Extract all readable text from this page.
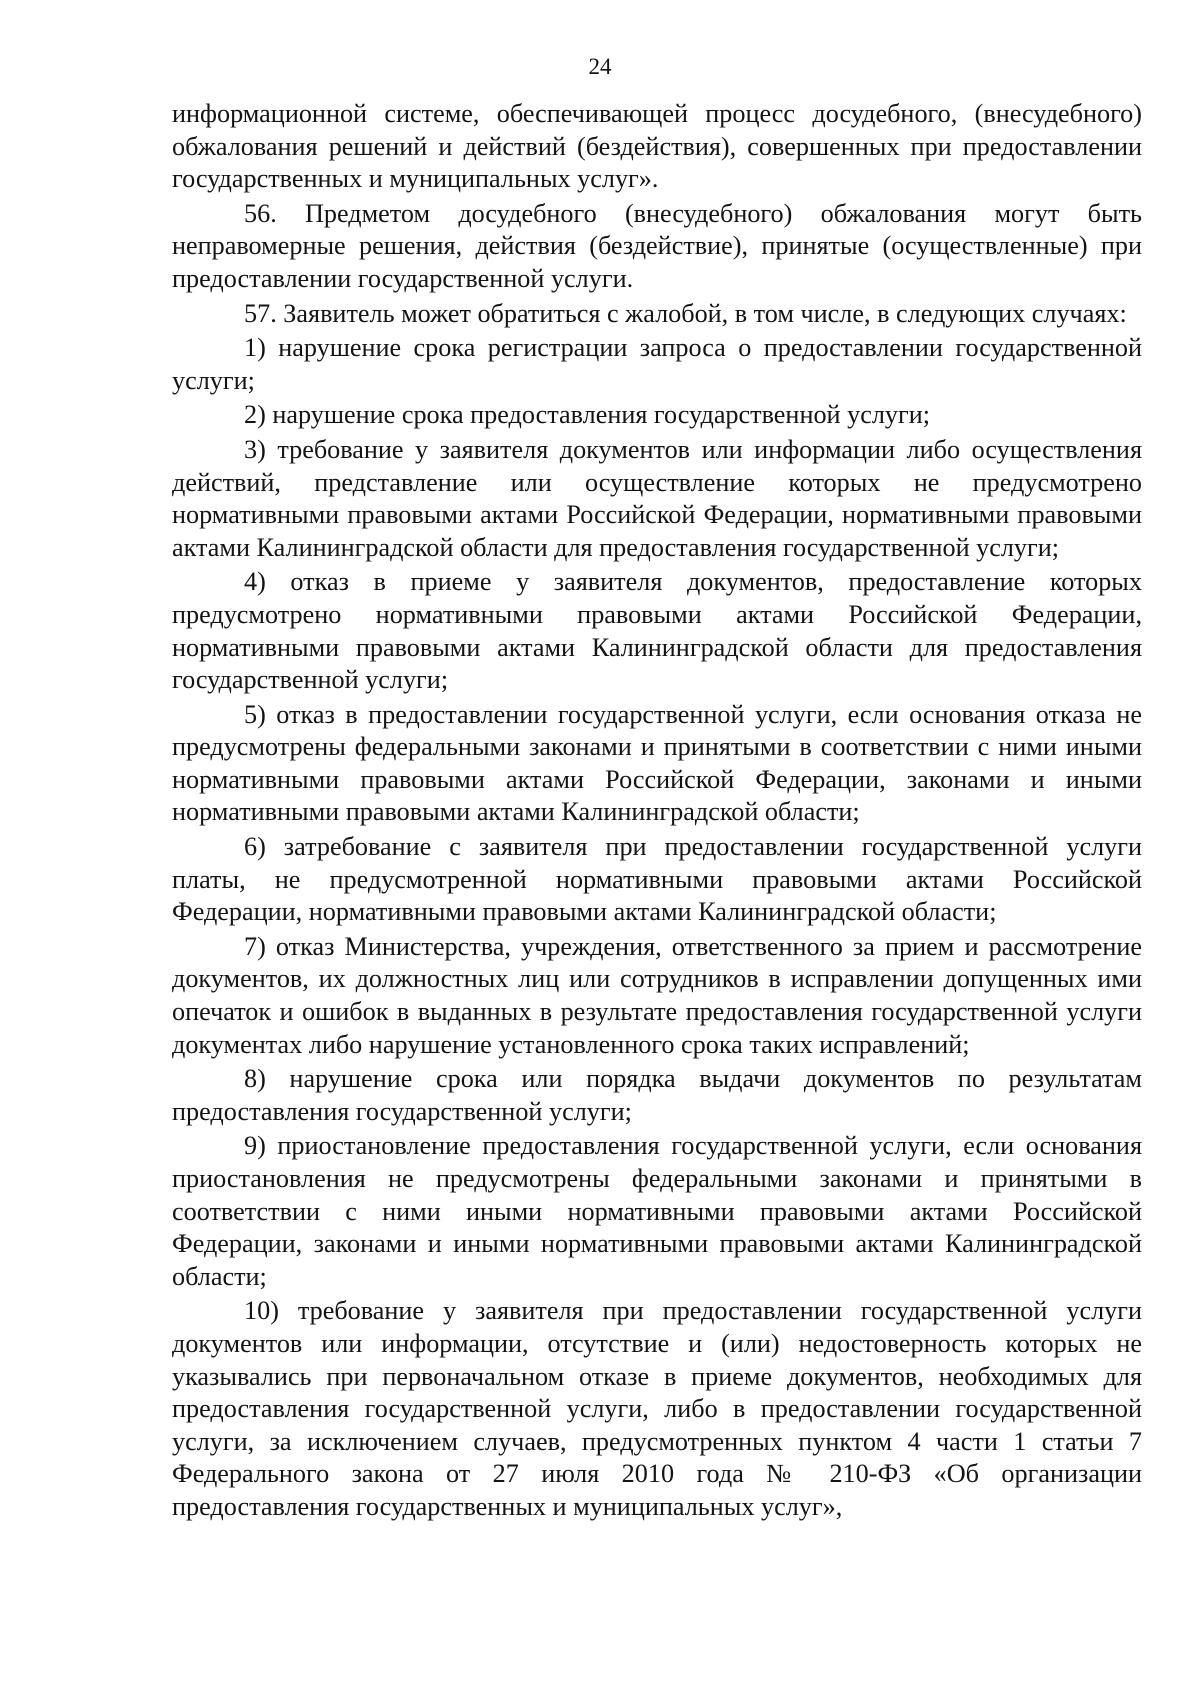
24

информационной системе, обеспечивающей процесс досудебного, (внесудебного) обжалования решений и действий (бездействия), совершенных при предоставлении государственных и муниципальных услуг».

56. Предметом досудебного (внесудебного) обжалования могут быть неправомерные решения, действия (бездействие), принятые (осуществленные) при предоставлении государственной услуги.

57. Заявитель может обратиться с жалобой, в том числе, в следующих случаях:

1) нарушение срока регистрации запроса о предоставлении государственной услуги;

2) нарушение срока предоставления государственной услуги;

3) требование у заявителя документов или информации либо осуществления действий, представление или осуществление которых не предусмотрено нормативными правовыми актами Российской Федерации, нормативными правовыми актами Калининградской области для предоставления государственной услуги;

4) отказ в приеме у заявителя документов, предоставление которых предусмотрено нормативными правовыми актами Российской Федерации, нормативными правовыми актами Калининградской области для предоставления государственной услуги;

5) отказ в предоставлении государственной услуги, если основания отказа не предусмотрены федеральными законами и принятыми в соответствии с ними иными нормативными правовыми актами Российской Федерации, законами и иными нормативными правовыми актами Калининградской области;

6) затребование с заявителя при предоставлении государственной услуги платы, не предусмотренной нормативными правовыми актами Российской Федерации, нормативными правовыми актами Калининградской области;

7) отказ Министерства, учреждения, ответственного за прием и рассмотрение документов, их должностных лиц или сотрудников в исправлении допущенных ими опечаток и ошибок в выданных в результате предоставления государственной услуги документах либо нарушение установленного срока таких исправлений;

8) нарушение срока или порядка выдачи документов по результатам предоставления государственной услуги;

9) приостановление предоставления государственной услуги, если основания приостановления не предусмотрены федеральными законами и принятыми в соответствии с ними иными нормативными правовыми актами Российской Федерации, законами и иными нормативными правовыми актами Калининградской области;

10) требование у заявителя при предоставлении государственной услуги документов или информации, отсутствие и (или) недостоверность которых не указывались при первоначальном отказе в приеме документов, необходимых для предоставления государственной услуги, либо в предоставлении государственной услуги, за исключением случаев, предусмотренных пунктом 4 части 1 статьи 7 Федерального закона от 27 июля 2010 года № 210-ФЗ «Об организации предоставления государственных и муниципальных услуг»,
